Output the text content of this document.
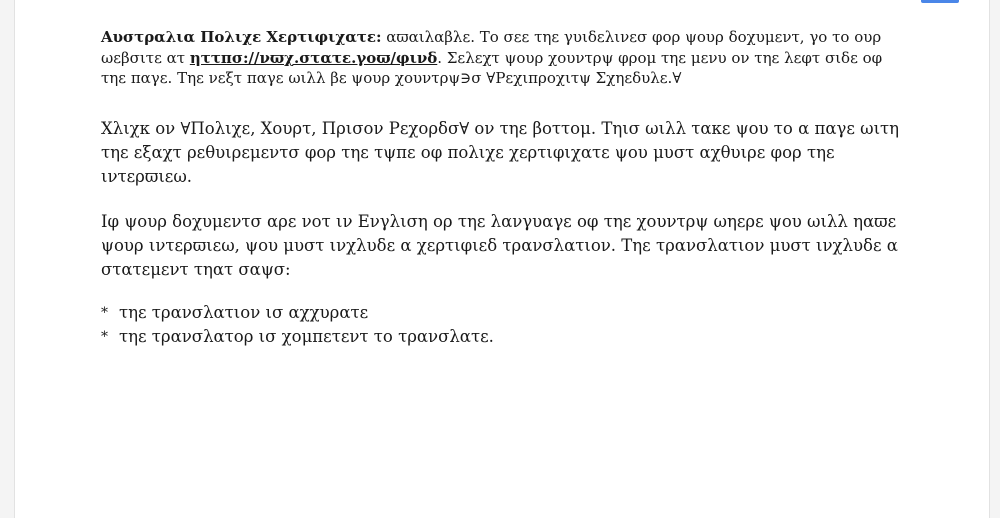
Αυστραλια Πολιχε Χερτιφιχατε: αϖαιλαβλε. Το σεε τηε γυιδελινεσ φορ ψουρ δοχυμεντ, γο το ουρ ωεβσιτε ατ ηττπσ://νϖχ.στατε.γοϖ/φινδ. Σελεχτ ψουρ χουντρψ φρομ τηε μενυ ον τηε λεφτ σιδε οφ τηε παγε. Τηε νεξτ παγε ωιλλ βε ψουρ χουντρψ∋σ ∀Ρεχιπροχιτψ Σχηεδυλε.∀
Χλιχκ ον ∀Πολιχε, Χουρτ, Πρισον Ρεχορδσ∀ ον τηε βοττομ. Τηισ ωιλλ τακε ψου το α παγε ωιτη τηε εξαχτ ρεθυιρεμεντσ φορ τηε τψπε οφ πολιχε χερτιφιχατε ψου μυστ αχθυιρε φορ τηε ιντερϖιεω.
Ιφ ψουρ δοχυμεντσ αρε νοτ ιν Ενγλιση ορ τηε λανγυαγε οφ τηε χουντρψ ωηερε ψου ωιλλ ηαϖε ψουρ ιντερϖιεω, ψου μυστ ινχλυδε α χερτιφιεδ τρανσλατιον. Τηε τρανσλατιον μυστ ινχλυδε α στατεμεντ τηατ σαψσ:
* τηε τρανσλατιον ισ αχχυρατε
* τηε τρανσλατορ ισ χομπετεντ το τρανσλατε.
